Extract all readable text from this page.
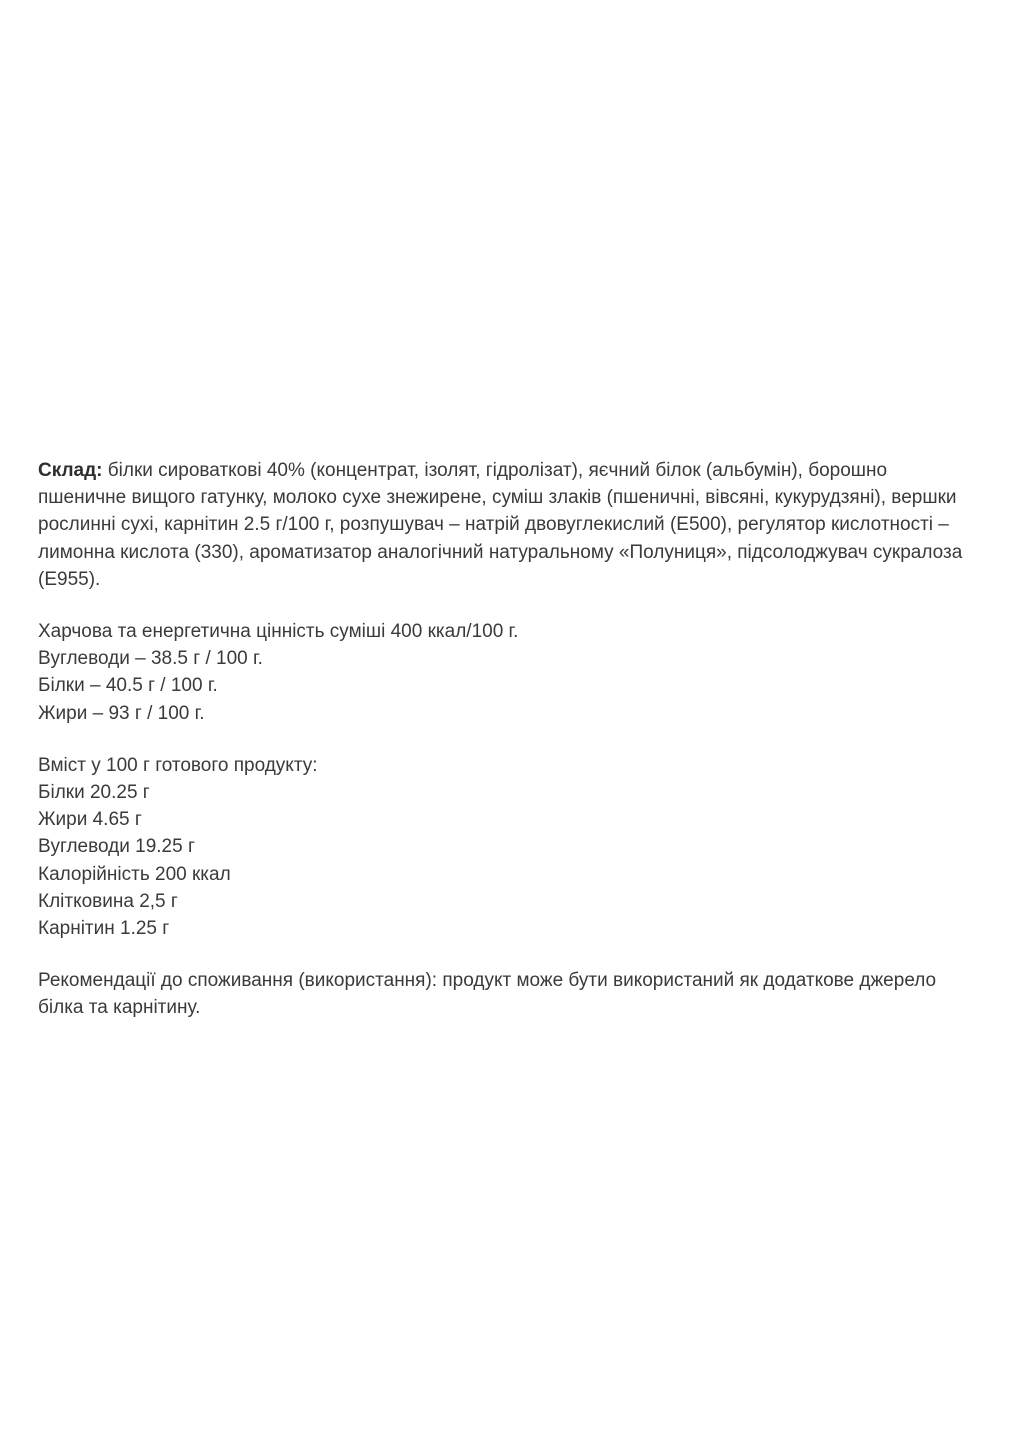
Склад: білки сироваткові 40% (концентрат, ізолят, гідролізат), яєчний білок (альбумін), борошно
пшеничне вищого гатунку, молоко сухе знежирене, суміш злаків (пшеничні, вівсяні, кукурудзяні), вершки
рослинні сухі, карнітин 2.5 г/100 г, розпушувач – натрій двовуглекислий (E500), регулятор кислотності –
лимонна кислота (330), ароматизатор аналогічний натуральному «Полуниця», підсолоджувач сукралоза
(E955).

Харчова та енергетична цінність суміші 400 ккал/100 г.
Вуглеводи – 38.5 г / 100 г.
Білки – 40.5 г / 100 г.
Жири – 93 г / 100 г.

Вміст у 100 г готового продукту:
Білки 20.25 г
Жири 4.65 г
Вуглеводи 19.25 г
Калорійність 200 ккал
Клітковина 2,5 г
Карнітин 1.25 г

Рекомендації до споживання (використання): продукт може бути використаний як додаткове джерело
білка та карнітину.
